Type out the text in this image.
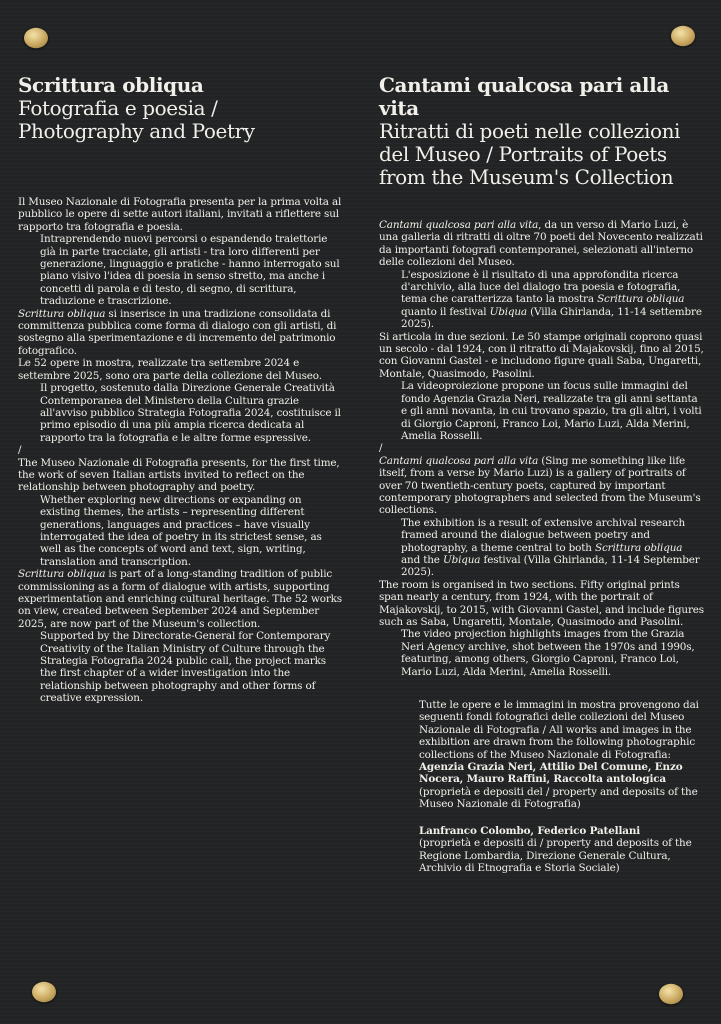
Scrittura obliqua

Fotografia e poesia /

Photography and Poetry

Il Museo Nazionale di Fotografia presenta per la prima volta al pubblico le opere di sette autori italiani, invitati a riflettere sul rapporto tra fotografia e poesia.

Intraprendendo nuovi percorsi o espandendo traiettorie già in parte tracciate, gli artisti - tra loro differenti per generazione, linguaggio e pratiche - hanno interrogato sul piano visivo l'idea di poesia in senso stretto, ma anche i concetti di parola e di testo, di segno, di scrittura, traduzione e trascrizione.

Scrittura obliqua si inserisce in una tradizione consolidata di committenza pubblica come forma di dialogo con gli artisti, di sostegno alla sperimentazione e di incremento del patrimonio fotografico.

Le 52 opere in mostra, realizzate tra settembre 2024 e settembre 2025, sono ora parte della collezione del Museo.

Il progetto, sostenuto dalla Direzione Generale Creatività Contemporanea del Ministero della Cultura grazie all'avviso pubblico Strategia Fotografia 2024, costituisce il primo episodio di una più ampia ricerca dedicata al rapporto tra la fotografia e le altre forme espressive.

/

The Museo Nazionale di Fotografia presents, for the first time, the work of seven Italian artists invited to reflect on the relationship between photography and poetry.

Whether exploring new directions or expanding on existing themes, the artists – representing different generations, languages and practices – have visually interrogated the idea of poetry in its strictest sense, as well as the concepts of word and text, sign, writing, translation and transcription.

Scrittura obliqua is part of a long-standing tradition of public commissioning as a form of dialogue with artists, supporting experimentation and enriching cultural heritage. The 52 works on view, created between September 2024 and September 2025, are now part of the Museum's collection.

Supported by the Directorate-General for Contemporary Creativity of the Italian Ministry of Culture through the Strategia Fotografia 2024 public call, the project marks the first chapter of a wider investigation into the relationship between photography and other forms of creative expression.

Cantami qualcosa pari alla vita

Ritratti di poeti nelle collezioni

del Museo / Portraits of Poets

from the Museum's Collection

Cantami qualcosa pari alla vita, da un verso di Mario Luzi, è una galleria di ritratti di oltre 70 poeti del Novecento realizzati da importanti fotografi contemporanei, selezionati all'interno delle collezioni del Museo.

L'esposizione è il risultato di una approfondita ricerca d'archivio, alla luce del dialogo tra poesia e fotografia, tema che caratterizza tanto la mostra Scrittura obliqua quanto il festival Ubiqua (Villa Ghirlanda, 11-14 settembre 2025).

Si articola in due sezioni. Le 50 stampe originali coprono quasi un secolo - dal 1924, con il ritratto di Majakovskij, fino al 2015, con Giovanni Gastel - e includono figure quali Saba, Ungaretti, Montale, Quasimodo, Pasolini.

La videoproiezione propone un focus sulle immagini del fondo Agenzia Grazia Neri, realizzate tra gli anni settanta e gli anni novanta, in cui trovano spazio, tra gli altri, i volti di Giorgio Caproni, Franco Loi, Mario Luzi, Alda Merini, Amelia Rosselli.

/

Cantami qualcosa pari alla vita (Sing me something like life itself, from a verse by Mario Luzi) is a gallery of portraits of over 70 twentieth-century poets, captured by important contemporary photographers and selected from the Museum's collections.

The exhibition is a result of extensive archival research framed around the dialogue between poetry and photography, a theme central to both Scrittura obliqua and the Ubiqua festival (Villa Ghirlanda, 11-14 September 2025).

The room is organised in two sections. Fifty original prints span nearly a century, from 1924, with the portrait of Majakovskij, to 2015, with Giovanni Gastel, and include figures such as Saba, Ungaretti, Montale, Quasimodo and Pasolini.

The video projection highlights images from the Grazia Neri Agency archive, shot between the 1970s and 1990s, featuring, among others, Giorgio Caproni, Franco Loi, Mario Luzi, Alda Merini, Amelia Rosselli.

Tutte le opere e le immagini in mostra provengono dai seguenti fondi fotografici delle collezioni del Museo Nazionale di Fotografia / All works and images in the exhibition are drawn from the following photographic collections of the Museo Nazionale di Fotografia:

Agenzia Grazia Neri, Attilio Del Comune, Enzo Nocera, Mauro Raffini, Raccolta antologica

(proprietà e depositi del / property and deposits of the Museo Nazionale di Fotografia)

Lanfranco Colombo, Federico Patellani

(proprietà e depositi di / property and deposits of the Regione Lombardia, Direzione Generale Cultura, Archivio di Etnografia e Storia Sociale)
